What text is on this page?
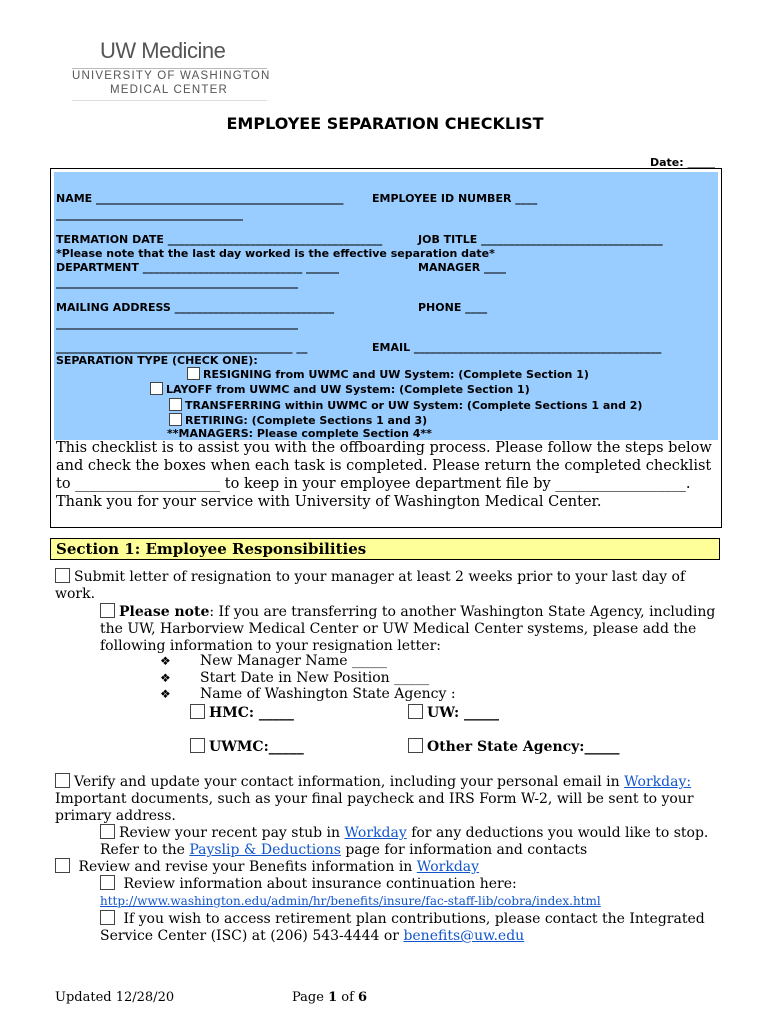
UW Medicine
UNIVERSITY OF WASHINGTON
MEDICAL CENTER
EMPLOYEE SEPARATION CHECKLIST
Date: _____
NAME _____________________________________________	EMPLOYEE ID NUMBER ____
__________________________________
TERMATION DATE _______________________________________	JOB TITLE _________________________________
*Please note that the last day worked is the effective separation date*
DEPARTMENT _____________________________ ______	MANAGER ____
____________________________________________
MAILING ADDRESS _____________________________	PHONE ____
____________________________________________
___________________________________________ __	EMAIL _____________________________________________
SEPARATION TYPE (CHECK ONE):
RESIGNING from UWMC and UW System: (Complete Section 1)
LAYOFF from UWMC and UW System: (Complete Section 1)
TRANSFERRING within UWMC or UW System: (Complete Sections 1 and 2)
RETIRING: (Complete Sections 1 and 3)
**MANAGERS: Please complete Section 4**
This checklist is to assist you with the offboarding process. Please follow the steps below and check the boxes when each task is completed. Please return the completed checklist to ____________________ to keep in your employee department file by __________________. Thank you for your service with University of Washington Medical Center.
Section 1: Employee Responsibilities
Submit letter of resignation to your manager at least 2 weeks prior to your last day of work.
Please note: If you are transferring to another Washington State Agency, including the UW, Harborview Medical Center or UW Medical Center systems, please add the following information to your resignation letter:
❖ New Manager Name _____
❖ Start Date in New Position _____
❖ Name of Washington State Agency :
HMC: _____	UW: _____
UWMC:_____	Other State Agency:_____
Verify and update your contact information, including your personal email in Workday:
Important documents, such as your final paycheck and IRS Form W-2, will be sent to your primary address.
Review your recent pay stub in Workday for any deductions you would like to stop. Refer to the Payslip & Deductions page for information and contacts
Review and revise your Benefits information in Workday
Review information about insurance continuation here:
http://www.washington.edu/admin/hr/benefits/insure/fac-staff-lib/cobra/index.html
If you wish to access retirement plan contributions, please contact the Integrated Service Center (ISC) at (206) 543-4444 or benefits@uw.edu
Updated 12/28/20	Page 1 of 6
